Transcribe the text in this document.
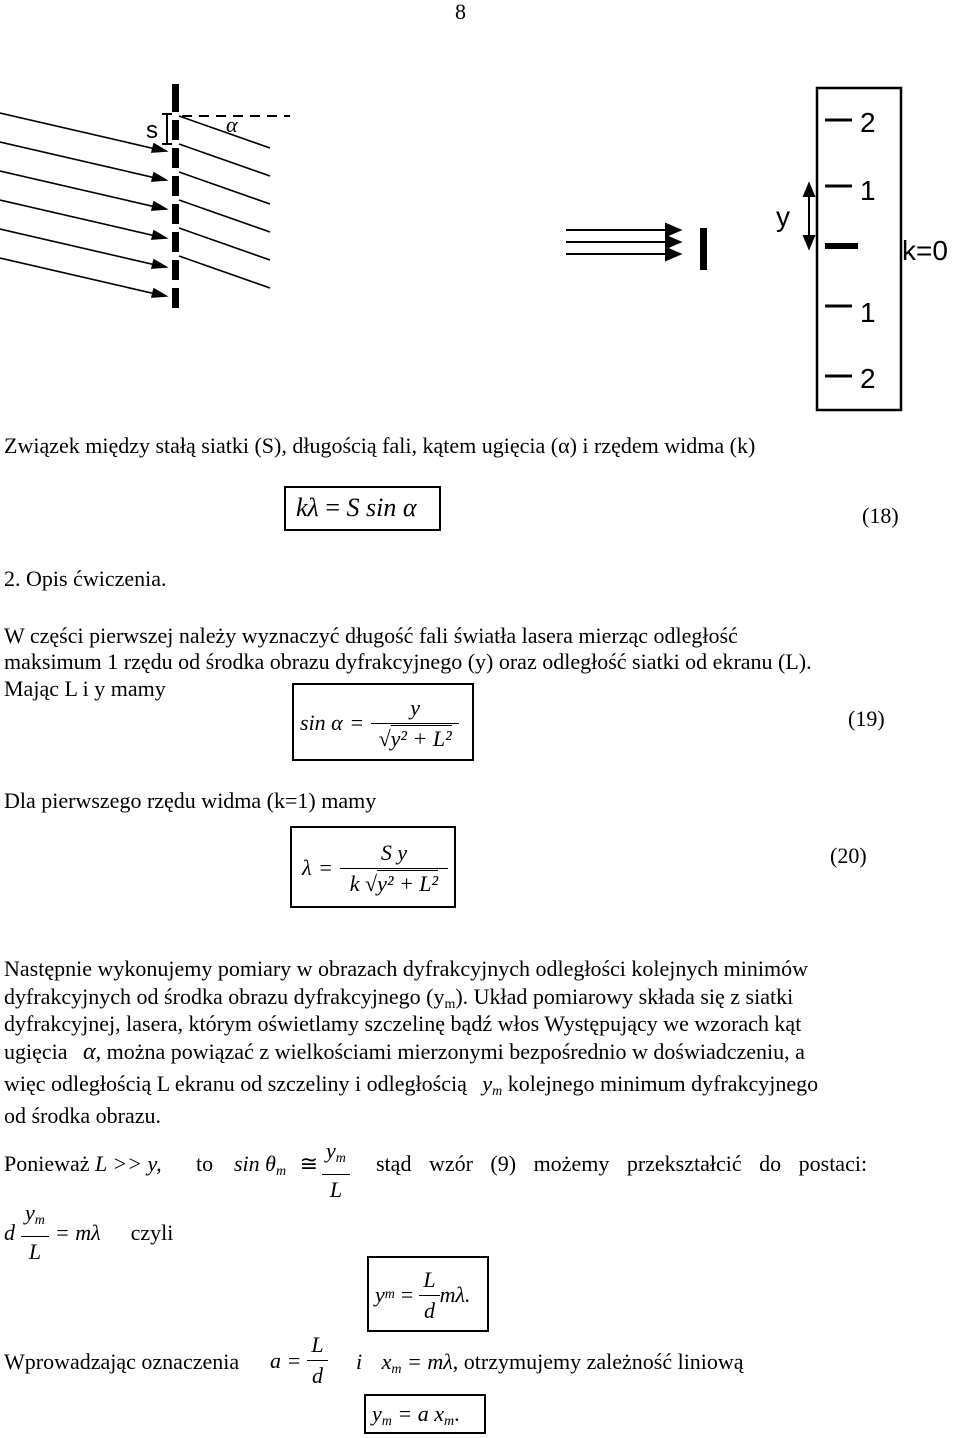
8
s	α
y
2
1
k=0
1
2
Związek między stałą siatki (S), długością fali, kątem ugięcia (α) i rzędem widma (k)
kλ = S sin α	(18)
2. Opis ćwiczenia.
W części pierwszej należy wyznaczyć długość fali światła lasera mierząc odległość
maksimum 1 rzędu od środka obrazu dyfrakcyjnego (y) oraz odległość siatki od ekranu (L).
Mając L i y mamy
$\sin \alpha = \frac{y}{\text{√y² + L²}}$	(19)
Dla pierwszego rzędu widma (k=1) mamy
$\lambda = \frac{\text{S y}}{\text{k √y² + L²}}$	(20)
Następnie wykonujemy pomiary w obrazach dyfrakcyjnych odległości kolejnych minimów
dyfrakcyjnych od środka obrazu dyfrakcyjnego $(y_m)$. Układ pomiarowy składa się z siatki
dyfrakcyjnej, lasera, którym oświetlamy szczelinę bądź włos Występujący we wzorach kąt
ugięcia α, można powiązać z wielkościami mierzonymi bezpośrednio w doświadczeniu, a
więc odległością L ekranu od szczeliny i odległością $y_m$ kolejnego minimum dyfrakcyjnego
od środka obrazu.
Ponieważ L >> y, to $\sin \theta_m$ ≅ $\frac{y_m}{L}$ stąd wzór (9) możemy przekształcić do postaci:
d $\frac{y_m}{L} = m\lambda$ czyli
y $m = \frac{L}{d} m\lambda$.
Wprowadzając oznaczenia $a = \frac{L}{d}$ i $x_m = m\lambda$, otrzymujemy zależność liniową
$y_m = a$ $x_m$.
